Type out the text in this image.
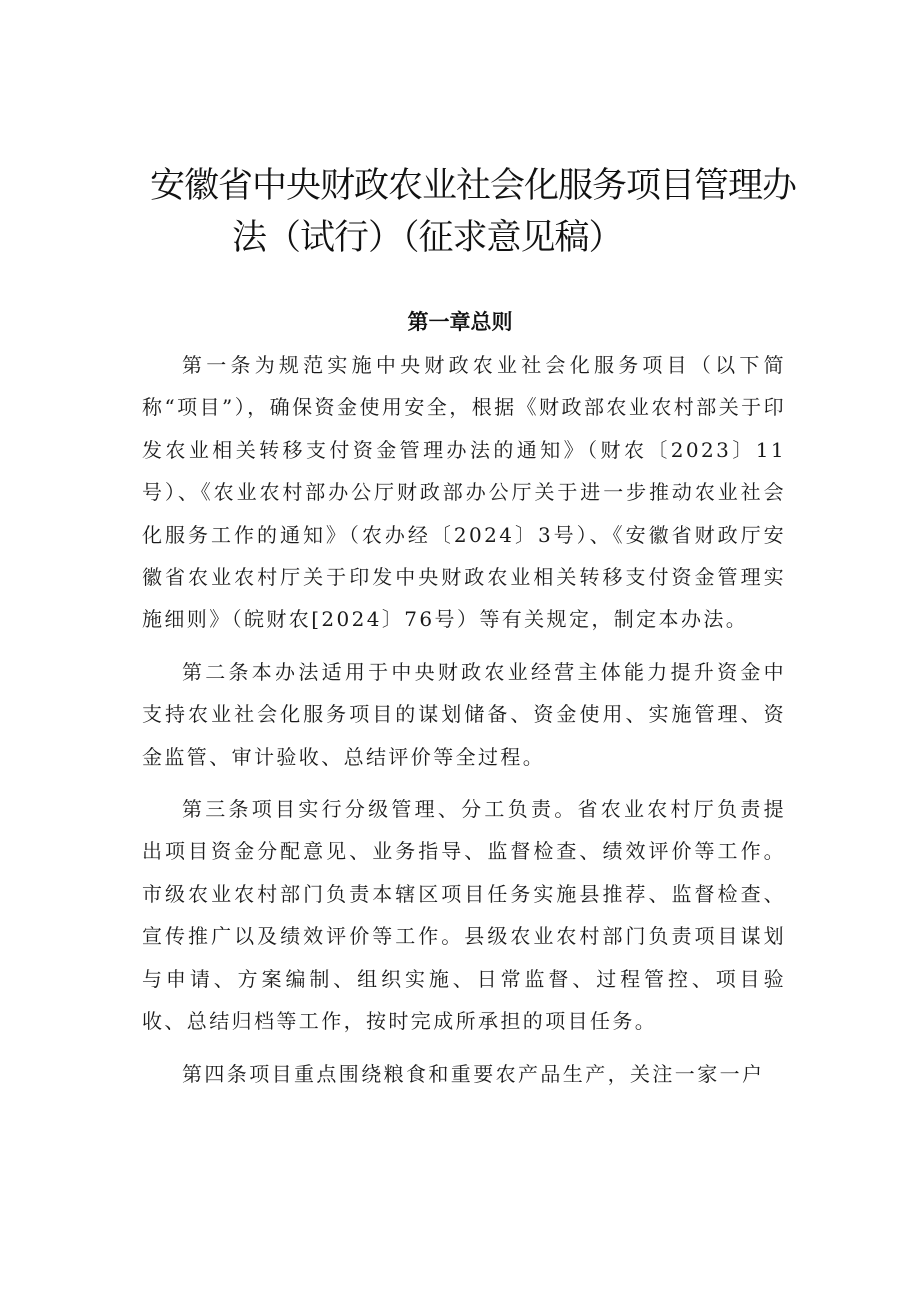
安徽省中央财政农业社会化服务项目管理办
法（试行）（征求意见稿）
第一章总则

第一条为规范实施中央财政农业社会化服务项目（以下简称“项目”），确保资金使用安全，根据《财政部农业农村部关于印发农业相关转移支付资金管理办法的通知》（财农〔2023〕11号）、《农业农村部办公厅财政部办公厅关于进一步推动农业社会化服务工作的通知》（农办经〔2024〕3号）、《安徽省财政厅安徽省农业农村厅关于印发中央财政农业相关转移支付资金管理实施细则》（皖财农[2024〕76号）等有关规定，制定本办法。

第二条本办法适用于中央财政农业经营主体能力提升资金中支持农业社会化服务项目的谋划储备、资金使用、实施管理、资金监管、审计验收、总结评价等全过程。

第三条项目实行分级管理、分工负责。省农业农村厅负责提出项目资金分配意见、业务指导、监督检查、绩效评价等工作。市级农业农村部门负责本辖区项目任务实施县推荐、监督检查、宣传推广以及绩效评价等工作。县级农业农村部门负责项目谋划与申请、方案编制、组织实施、日常监督、过程管控、项目验收、总结归档等工作，按时完成所承担的项目任务。

第四条项目重点围绕粮食和重要农产品生产，关注一家一户
